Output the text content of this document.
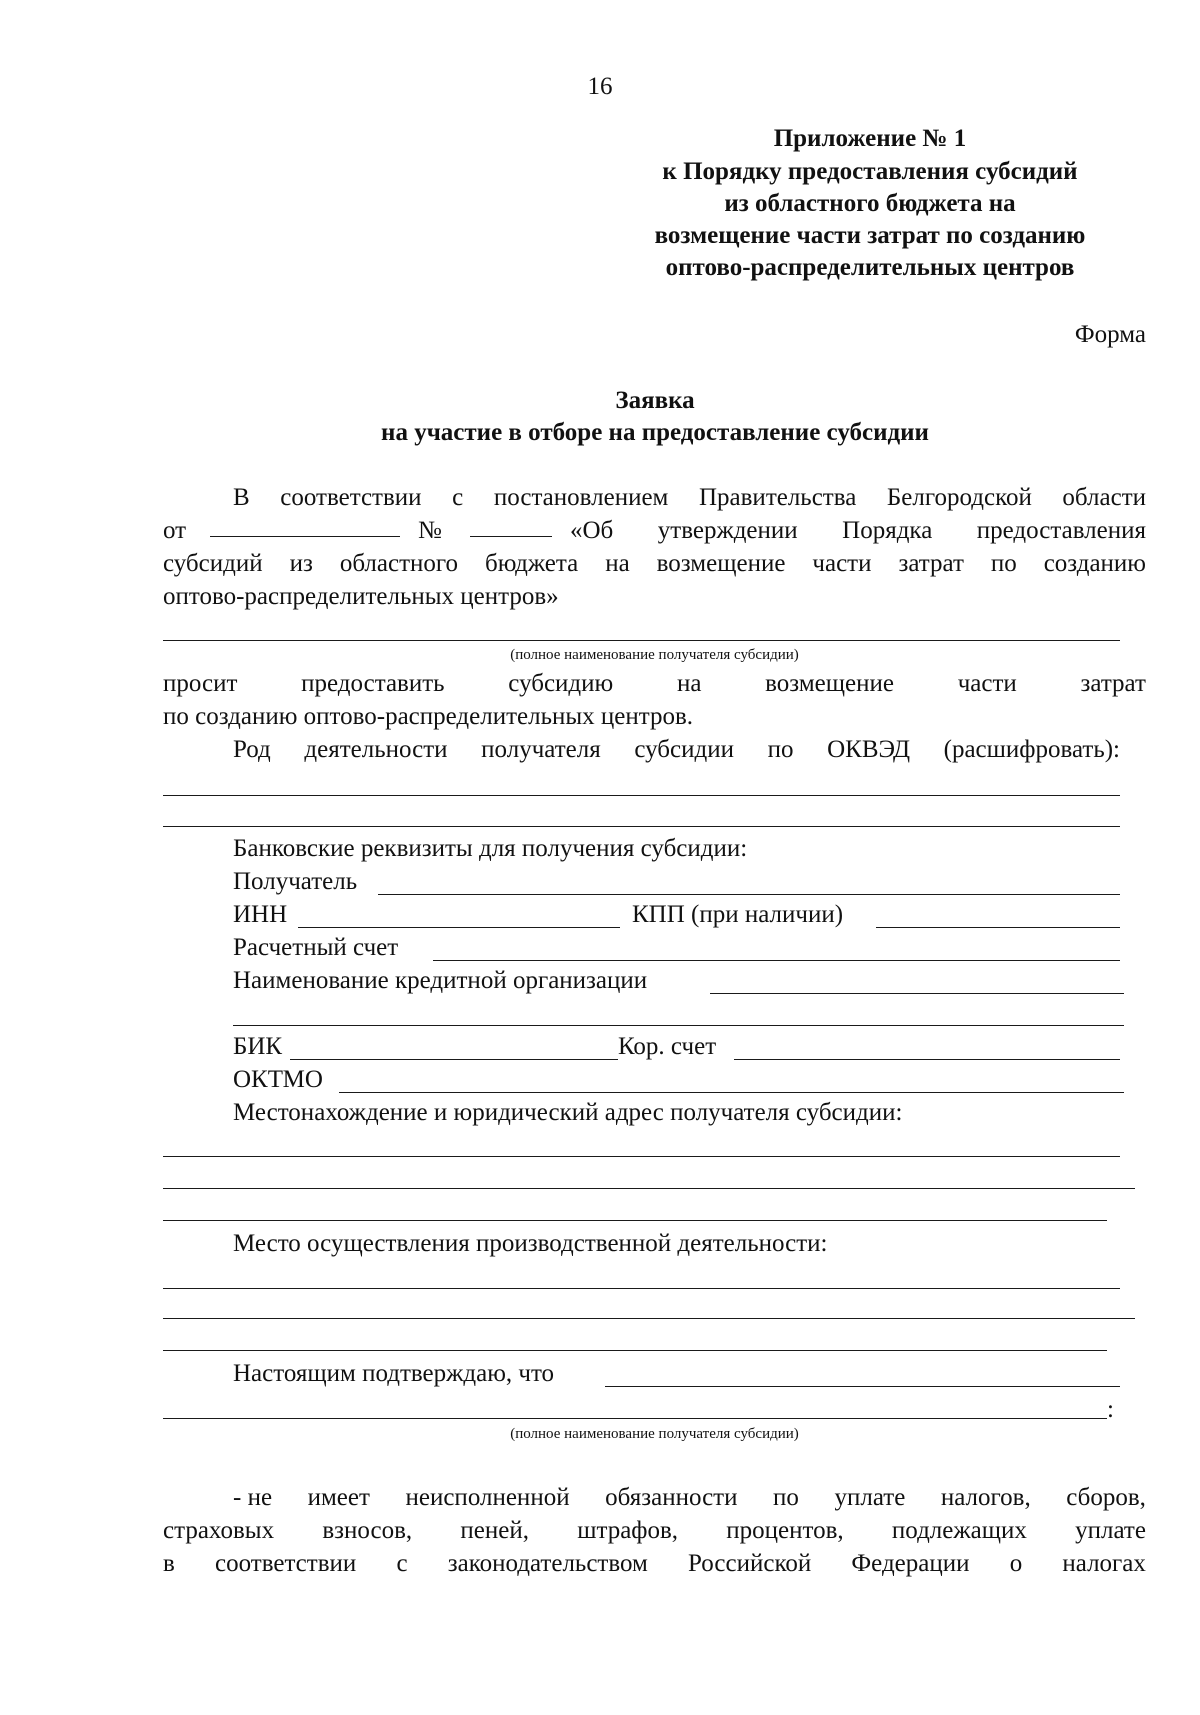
16
Приложение № 1
к Порядку предоставления субсидий
из областного бюджета на
возмещение части затрат по созданию
оптово-распределительных центров
Форма
Заявка
на участие в отборе на предоставление субсидии
В соответствии с постановлением Правительства Белгородской области
от	№	«Об утверждении Порядка предоставления
субсидий из областного бюджета на возмещение части затрат по созданию
оптово-распределительных центров»
(полное наименование получателя субсидии)
просит	предоставить	субсидию	на	возмещение	части	затрат
по созданию оптово-распределительных центров.
Род деятельности получателя субсидии по ОКВЭД (расшифровать):
Банковские реквизиты для получения субсидии:
Получатель
ИНН	КПП (при наличии)
Расчетный счет
Наименование кредитной организации
БИК	Кор. счет
ОКТМО
Местонахождение и юридический адрес получателя субсидии:
Место осуществления производственной деятельности:
Настоящим подтверждаю, что
:
(полное наименование получателя субсидии)
- не имеет неисполненной обязанности по уплате налогов, сборов,
страховых взносов, пеней, штрафов, процентов, подлежащих уплате
в соответствии с законодательством Российской Федерации о налогах
